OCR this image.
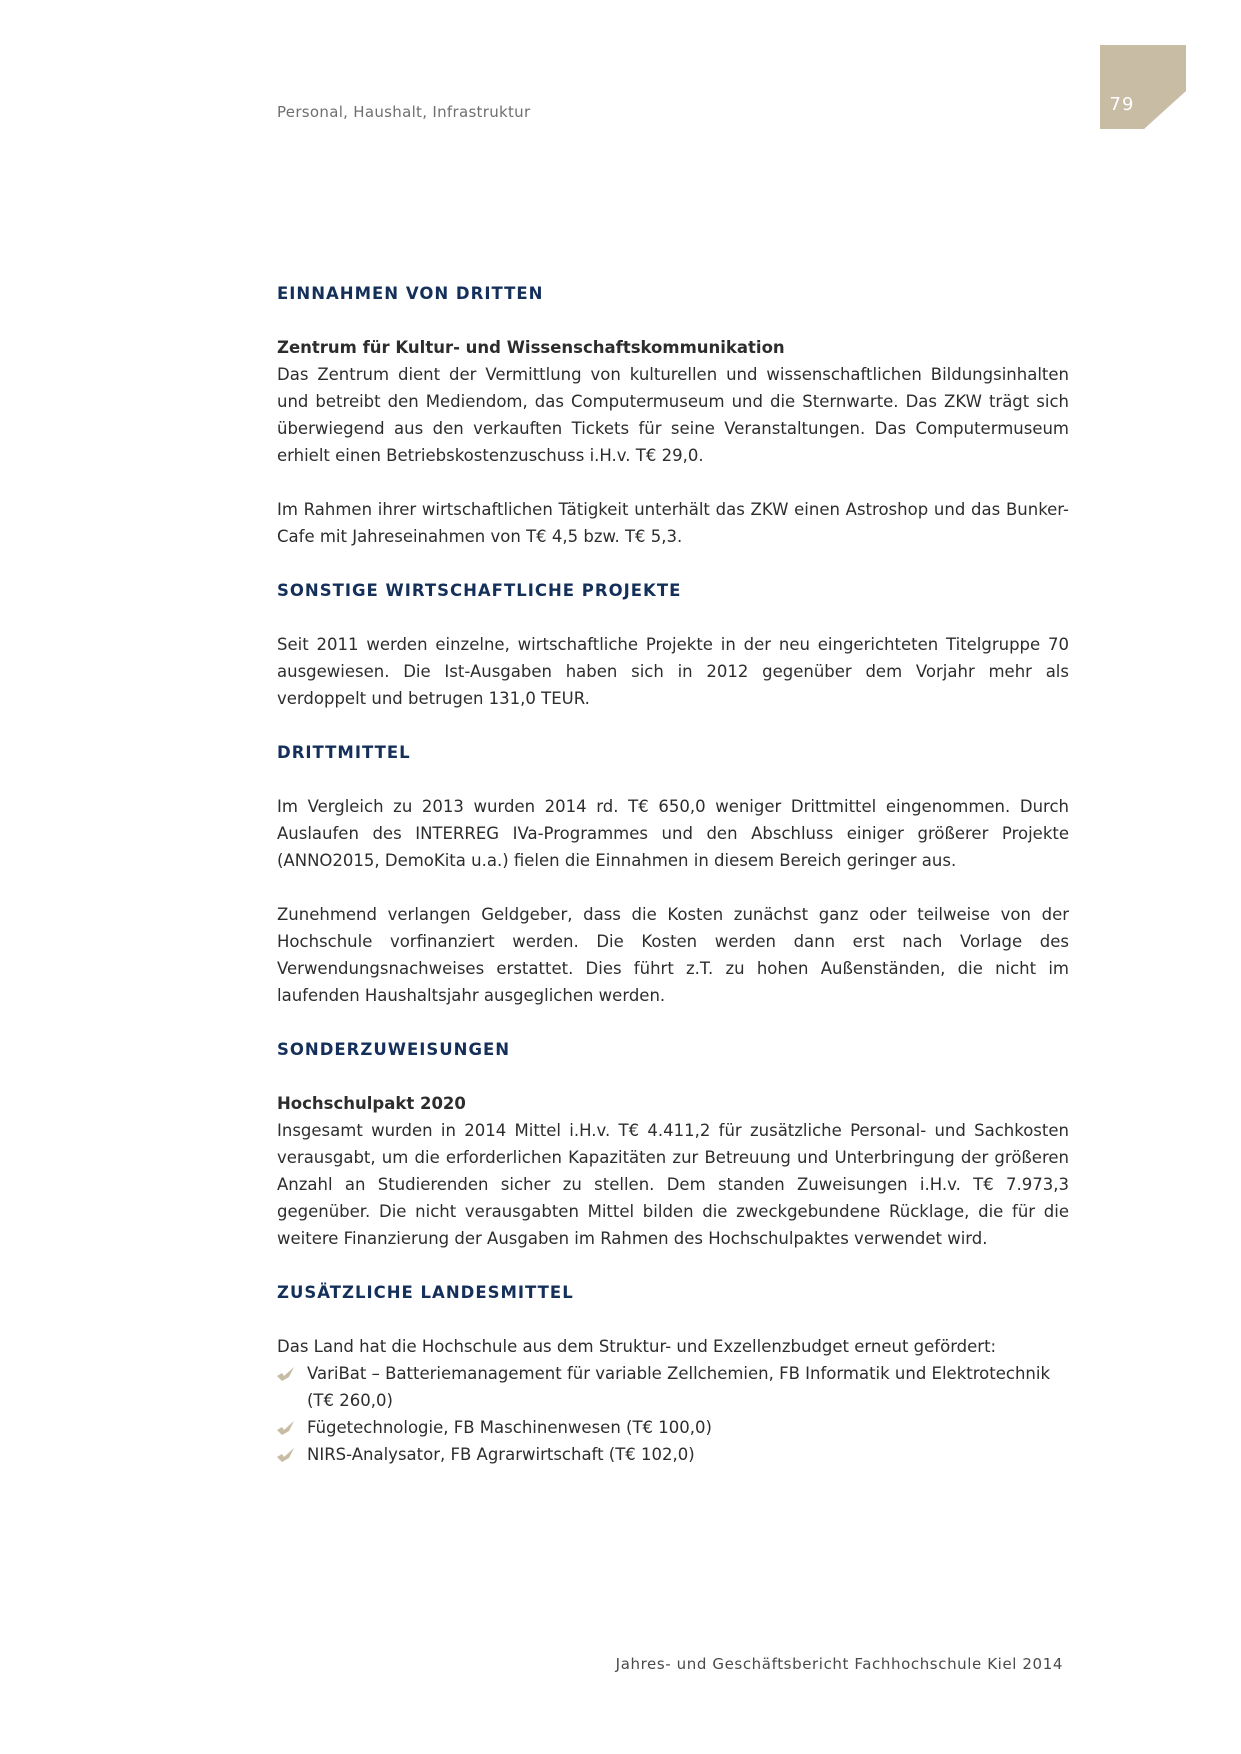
Personal, Haushalt, Infrastruktur	79
EINNAHMEN VON DRITTEN
Zentrum für Kultur- und Wissenschaftskommunikation

Das Zentrum dient der Vermittlung von kulturellen und wissenschaftlichen Bildungsinhalten und betreibt den Mediendom, das Computermuseum und die Sternwarte. Das ZKW trägt sich überwiegend aus den verkauften Tickets für seine Veranstaltungen. Das Computermuseum erhielt einen Betriebskostenzuschuss i.H.v. T€ 29,0.

Im Rahmen ihrer wirtschaftlichen Tätigkeit unterhält das ZKW einen Astroshop und das Bunker-Cafe mit Jahreseinahmen von T€ 4,5 bzw. T€ 5,3.

SONSTIGE WIRTSCHAFTLICHE PROJEKTE

Seit 2011 werden einzelne, wirtschaftliche Projekte in der neu eingerichteten Titelgruppe 70 ausgewiesen. Die Ist-Ausgaben haben sich in 2012 gegenüber dem Vorjahr mehr als verdoppelt und betrugen 131,0 TEUR.

DRITTMITTEL

Im Vergleich zu 2013 wurden 2014 rd. T€ 650,0 weniger Drittmittel eingenommen. Durch Auslaufen des INTERREG IVa-Programmes und den Abschluss einiger größerer Projekte (ANNO2015, DemoKita u.a.) fielen die Einnahmen in diesem Bereich geringer aus.

Zunehmend verlangen Geldgeber, dass die Kosten zunächst ganz oder teilweise von der Hochschule vorfinanziert werden. Die Kosten werden dann erst nach Vorlage des Verwendungsnachweises erstattet. Dies führt z.T. zu hohen Außenständen, die nicht im laufenden Haushaltsjahr ausgeglichen werden.

SONDERZUWEISUNGEN
Hochschulpakt 2020

Insgesamt wurden in 2014 Mittel i.H.v. T€ 4.411,2 für zusätzliche Personal- und Sachkosten verausgabt, um die erforderlichen Kapazitäten zur Betreuung und Unterbringung der größeren Anzahl an Studierenden sicher zu stellen. Dem standen Zuweisungen i.H.v. T€ 7.973,3 gegenüber. Die nicht verausgabten Mittel bilden die zweckgebundene Rücklage, die für die weitere Finanzierung der Ausgaben im Rahmen des Hochschulpaktes verwendet wird.

ZUSÄTZLICHE LANDESMITTEL

Das Land hat die Hochschule aus dem Struktur- und Exzellenzbudget erneut gefördert:

VariBat – Batteriemanagement für variable Zellchemien, FB Informatik und Elektrotechnik (T€ 260,0)
Fügetechnologie, FB Maschinenwesen (T€ 100,0)
NIRS-Analysator, FB Agrarwirtschaft (T€ 102,0)
Jahres- und Geschäftsbericht Fachhochschule Kiel 2014
